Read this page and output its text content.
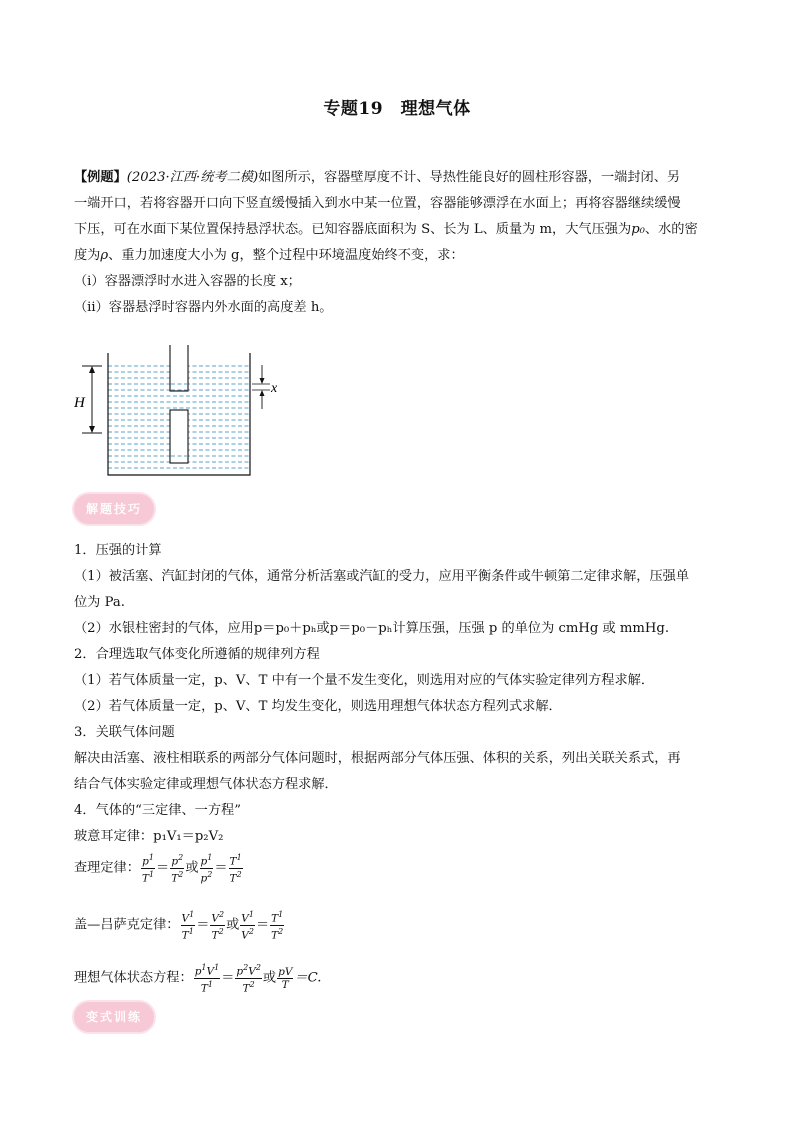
专题19　理想气体
【例题】(2023·江西·统考二模)如图所示，容器壁厚度不计、导热性能良好的圆柱形容器，一端封闭、另
一端开口，若将容器开口向下竖直缓慢插入到水中某一位置，容器能够漂浮在水面上；再将容器继续缓慢
下压，可在水面下某位置保持悬浮状态。已知容器底面积为 S、长为 L、质量为 m，大气压强为p₀、水的密
度为ρ、重力加速度大小为 g，整个过程中环境温度始终不变，求：
（ⅰ）容器漂浮时水进入容器的长度 x；
（ⅱ）容器悬浮时容器内外水面的高度差 h。
H
x
解题技巧
1．压强的计算
（1）被活塞、汽缸封闭的气体，通常分析活塞或汽缸的受力，应用平衡条件或牛顿第二定律求解，压强单
位为 Pa.
（2）水银柱密封的气体，应用p＝p₀＋pₕ或p＝p₀－pₕ计算压强，压强 p 的单位为 cmHg 或 mmHg.
2．合理选取气体变化所遵循的规律列方程
（1）若气体质量一定，p、V、T 中有一个量不发生变化，则选用对应的气体实验定律列方程求解．
（2）若气体质量一定，p、V、T 均发生变化，则选用理想气体状态方程列式求解．
3．关联气体问题
解决由活塞、液柱相联系的两部分气体问题时，根据两部分气体压强、体积的关系，列出关联关系式，再
结合气体实验定律或理想气体状态方程求解．
4．气体的“三定律、一方程”
玻意耳定律：p₁V₁＝p₂V₂
查理定律： $\frac{p^1}{T^1} = \frac{p^2}{T^2}$ 或 $\frac{p^1}{p^2} = \frac{T^1}{T^2}$
盖—吕萨克定律： $\frac{V^1}{T^1} = \frac{V^2}{T^2}$ 或 $\frac{V^1}{V^2} = \frac{T^1}{T^2}$
理想气体状态方程： $\frac{p^1V^1}{T^1} = \frac{p^2V^2}{T^2}$ 或 $\frac{pV}{T} =C$.
变式训练
